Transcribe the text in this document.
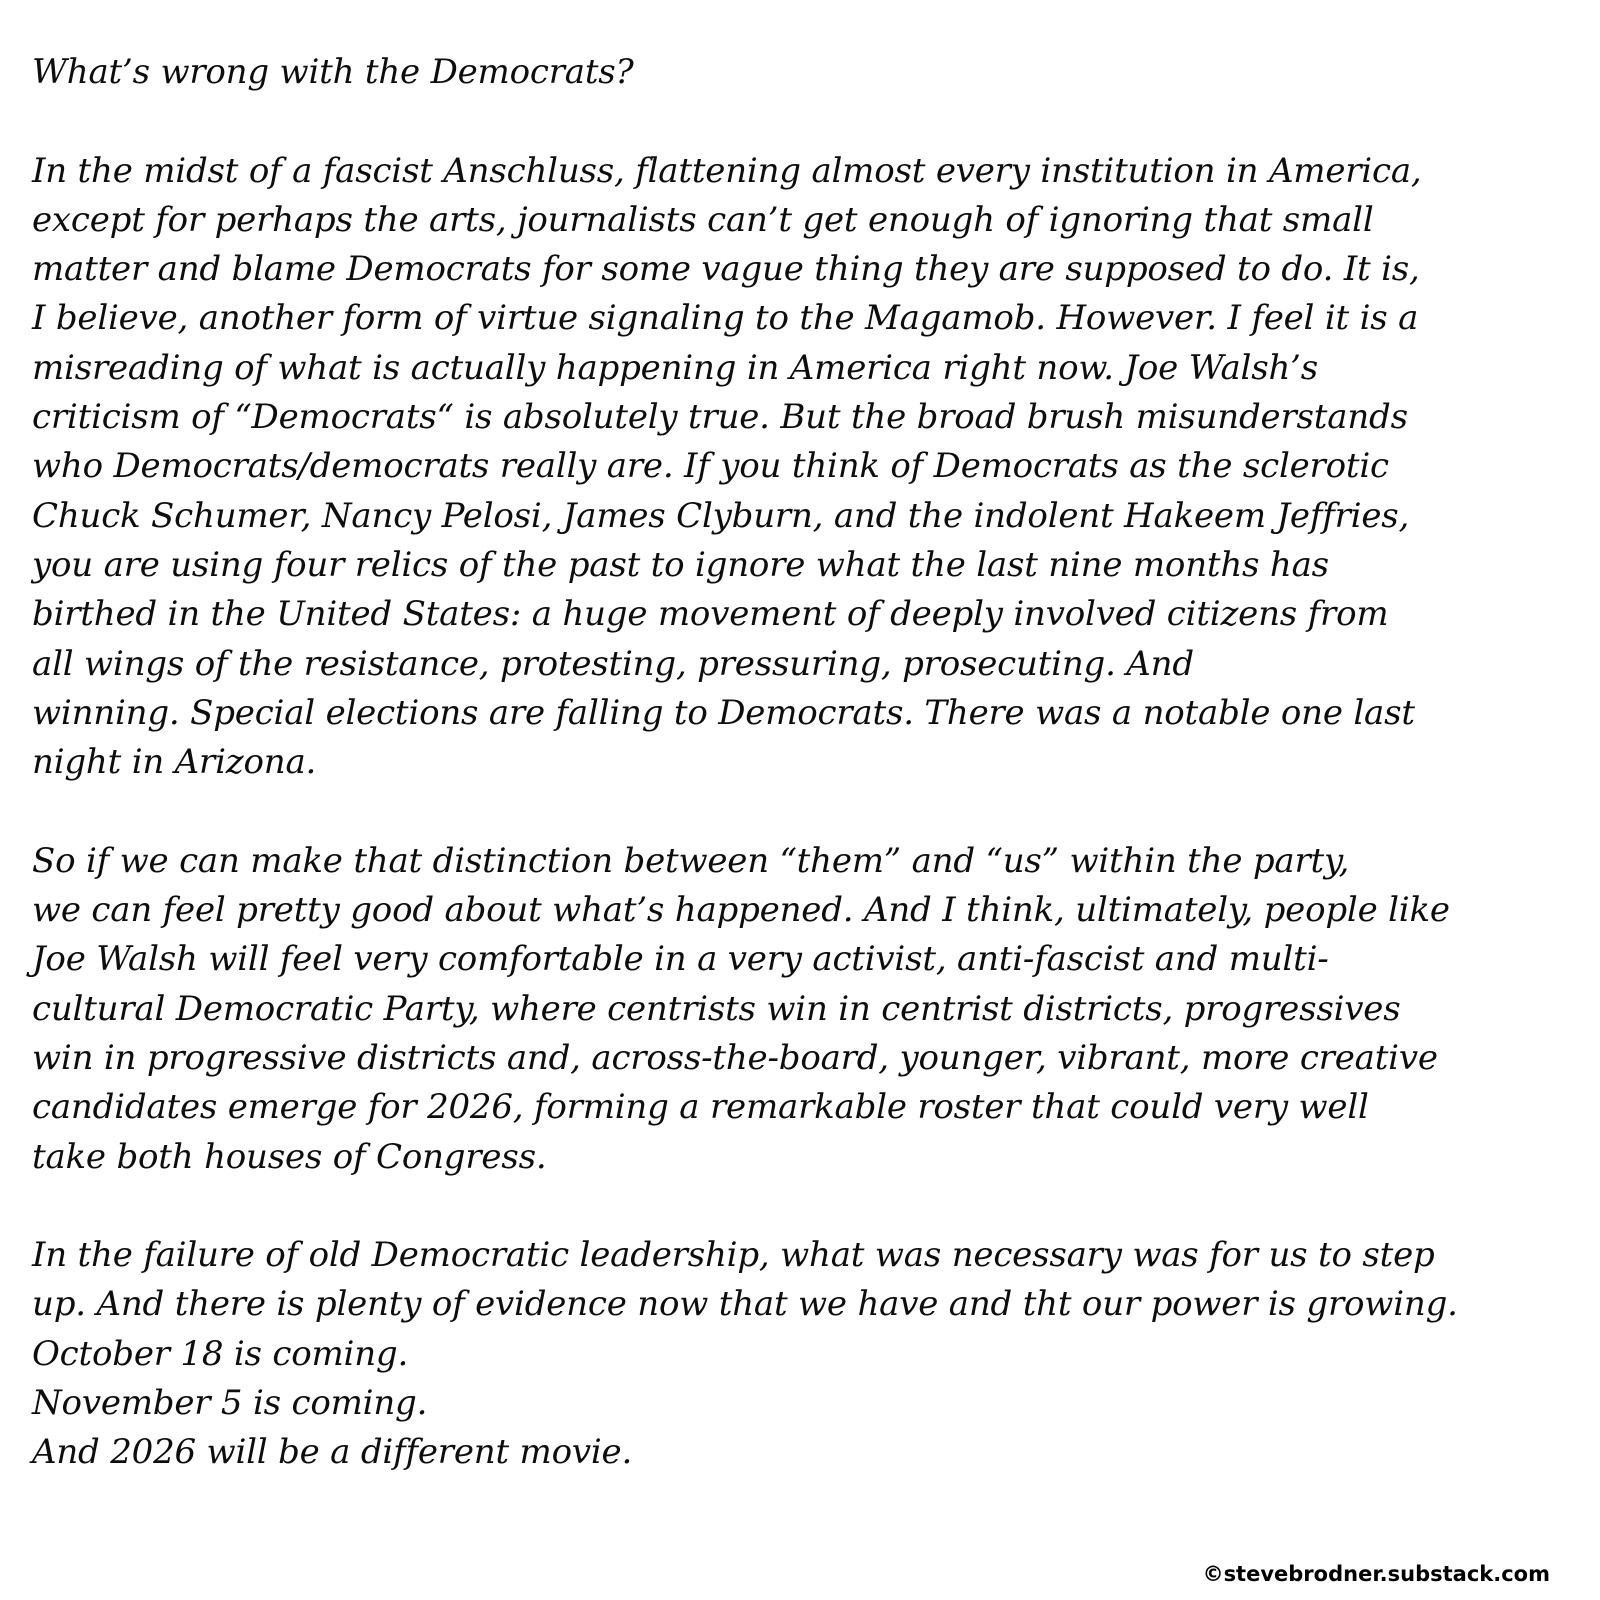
What’s wrong with the Democrats?
In the midst of a fascist Anschluss, flattening almost every institution in America,
except for perhaps the arts, journalists can’t get enough of ignoring that small
matter and blame Democrats for some vague thing they are supposed to do. It is,
I believe, another form of virtue signaling to the Magamob. However. I feel it is a
misreading of what is actually happening in America right now. Joe Walsh’s
criticism of “Democrats“ is absolutely true. But the broad brush misunderstands
who Democrats/democrats really are. If you think of Democrats as the sclerotic
Chuck Schumer, Nancy Pelosi, James Clyburn, and the indolent Hakeem Jeffries,
you are using four relics of the past to ignore what the last nine months has
birthed in the United States: a huge movement of deeply involved citizens from
all wings of the resistance, protesting, pressuring, prosecuting. And
winning. Special elections are falling to Democrats. There was a notable one last
night in Arizona.
So if we can make that distinction between “them” and “us” within the party,
we can feel pretty good about what’s happened. And I think, ultimately, people like
Joe Walsh will feel very comfortable in a very activist, anti-fascist and multi-
cultural Democratic Party, where centrists win in centrist districts, progressives
win in progressive districts and, across-the-board, younger, vibrant, more creative
candidates emerge for 2026, forming a remarkable roster that could very well
take both houses of Congress.
In the failure of old Democratic leadership, what was necessary was for us to step
up. And there is plenty of evidence now that we have and tht our power is growing.
October 18 is coming.
November 5 is coming.
And 2026 will be a different movie.
©stevebrodner.substack.com
